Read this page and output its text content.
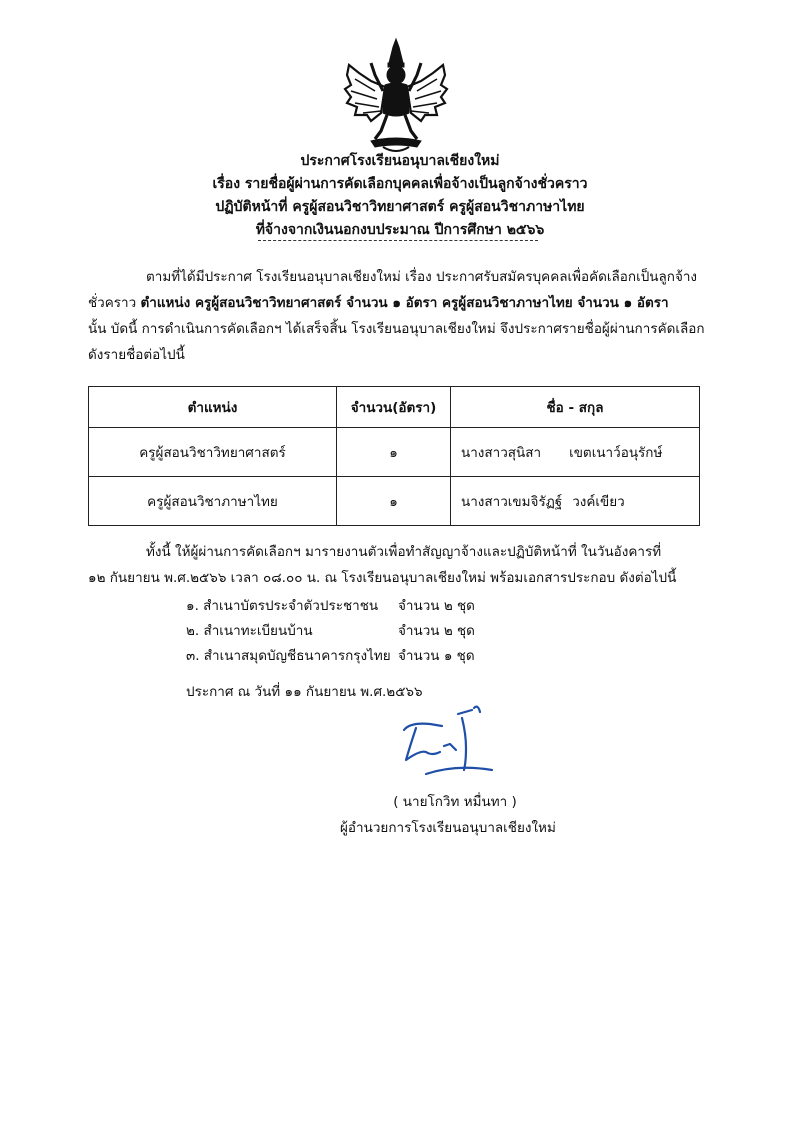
ประกาศโรงเรียนอนุบาลเชียงใหม่
เรื่อง รายชื่อผู้ผ่านการคัดเลือกบุคคลเพื่อจ้างเป็นลูกจ้างชั่วคราว
ปฏิบัติหน้าที่ ครูผู้สอนวิชาวิทยาศาสตร์ ครูผู้สอนวิชาภาษาไทย
ที่จ้างจากเงินนอกงบประมาณ ปีการศึกษา ๒๕๖๖
ตามที่ได้มีประกาศ โรงเรียนอนุบาลเชียงใหม่ เรื่อง ประกาศรับสมัครบุคคลเพื่อคัดเลือกเป็นลูกจ้าง
ชั่วคราว ตำแหน่ง ครูผู้สอนวิชาวิทยาศาสตร์ จำนวน ๑ อัตรา ครูผู้สอนวิชาภาษาไทย จำนวน ๑ อัตรา
นั้น บัดนี้ การดำเนินการคัดเลือกฯ ได้เสร็จสิ้น โรงเรียนอนุบาลเชียงใหม่ จึงประกาศรายชื่อผู้ผ่านการคัดเลือก
ดังรายชื่อต่อไปนี้
ตำแหน่ง	จำนวน(อัตรา)	ชื่อ - สกุล
ครูผู้สอนวิชาวิทยาศาสตร์	๑	นางสาวสุนิสา เขตเนาว์อนุรักษ์
ครูผู้สอนวิชาภาษาไทย	๑	นางสาวเขมจิรัฏฐ์ วงค์เขียว
ทั้งนี้ ให้ผู้ผ่านการคัดเลือกฯ มารายงานตัวเพื่อทำสัญญาจ้างและปฏิบัติหน้าที่ ในวันอังคารที่
๑๒ กันยายน พ.ศ.๒๕๖๖ เวลา ๐๘.๐๐ น. ณ โรงเรียนอนุบาลเชียงใหม่ พร้อมเอกสารประกอบ ดังต่อไปนี้
๑. สำเนาบัตรประจำตัวประชาชน	จำนวน ๒ ชุด
๒. สำเนาทะเบียนบ้าน	จำนวน ๒ ชุด
๓. สำเนาสมุดบัญชีธนาคารกรุงไทย จำนวน ๑ ชุด
ประกาศ ณ วันที่ ๑๑ กันยายน พ.ศ.๒๕๖๖
( นายโกวิท หมื่นทา )
ผู้อำนวยการโรงเรียนอนุบาลเชียงใหม่
